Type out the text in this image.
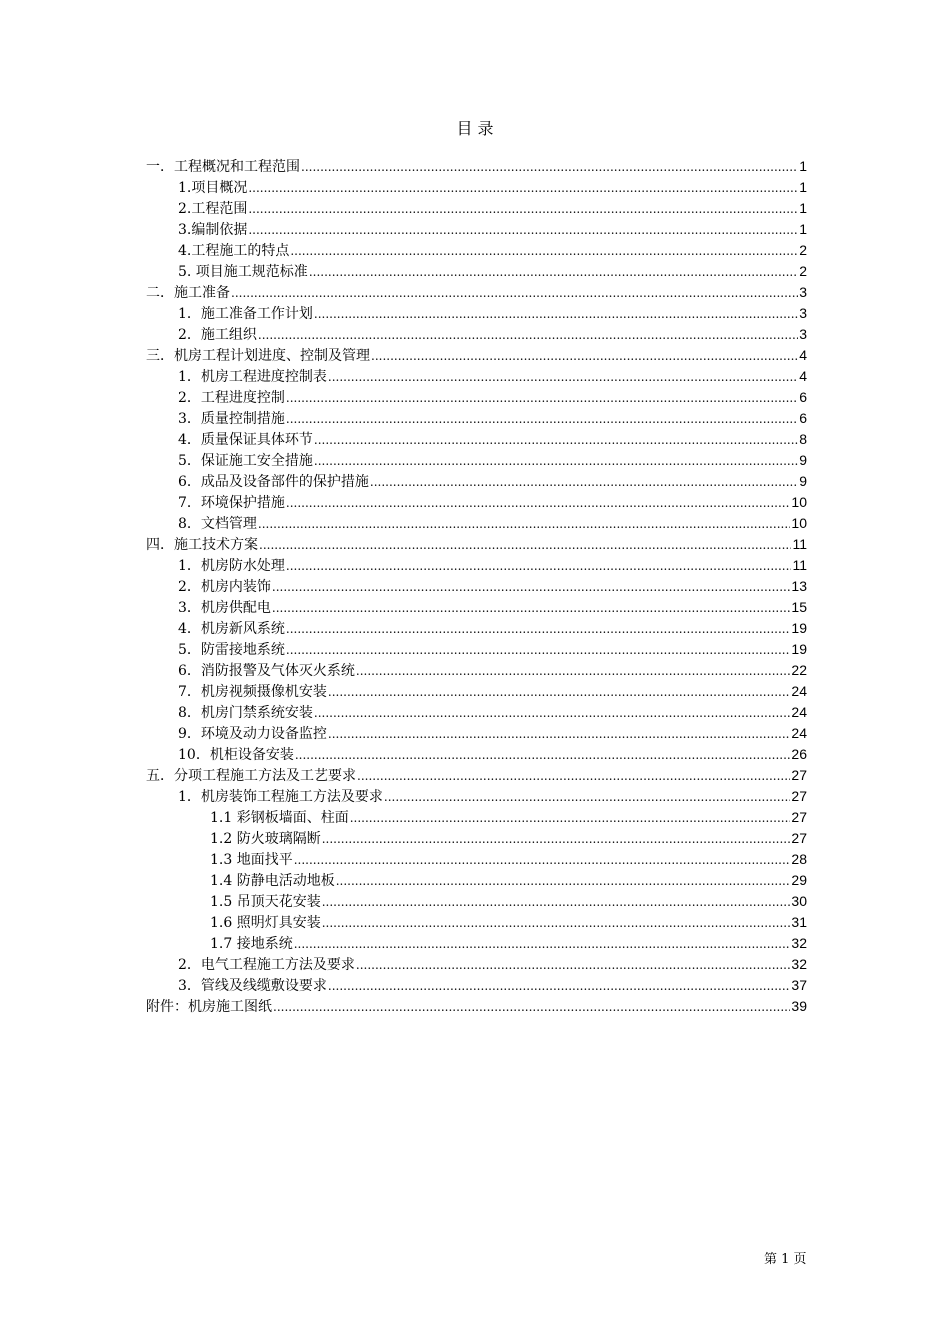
目 录
一．工程概况和工程范围 .....	1
1.项目概况 .....	1
2.工程范围 .....	1
3.编制依据 .....	1
4.工程施工的特点 .....	2
5. 项目施工规范标准 .....	2
二．施工准备 .....	3
1．施工准备工作计划 .....	3
2．施工组织 .....	3
三．机房工程计划进度、控制及管理 .....	4
1．机房工程进度控制表 .....	4
2．工程进度控制 .....	6
3．质量控制措施 .....	6
4．质量保证具体环节 .....	8
5．保证施工安全措施 .....	9
6．成品及设备部件的保护措施 .....	9
7．环境保护措施 .....	10
8．文档管理 .....	10
四．施工技术方案 .....	11
1．机房防水处理 .....	11
2．机房内装饰 .....	13
3．机房供配电 .....	15
4．机房新风系统 .....	19
5．防雷接地系统 .....	19
6．消防报警及气体灭火系统 .....	22
7．机房视频摄像机安装 .....	24
8．机房门禁系统安装 .....	24
9．环境及动力设备监控 .....	24
10．机柜设备安装 .....	26
五．分项工程施工方法及工艺要求 .....	27
1．机房装饰工程施工方法及要求 .....	27
1.1 彩钢板墙面、柱面 .....	27
1.2 防火玻璃隔断 .....	27
1.3 地面找平 .....	28
1.4 防静电活动地板 .....	29
1.5 吊顶天花安装 .....	30
1.6 照明灯具安装 .....	31
1.7 接地系统 .....	32
2．电气工程施工方法及要求 .....	32
3．管线及线缆敷设要求 .....	37
附件：机房施工图纸 .....	39
第 1 页
